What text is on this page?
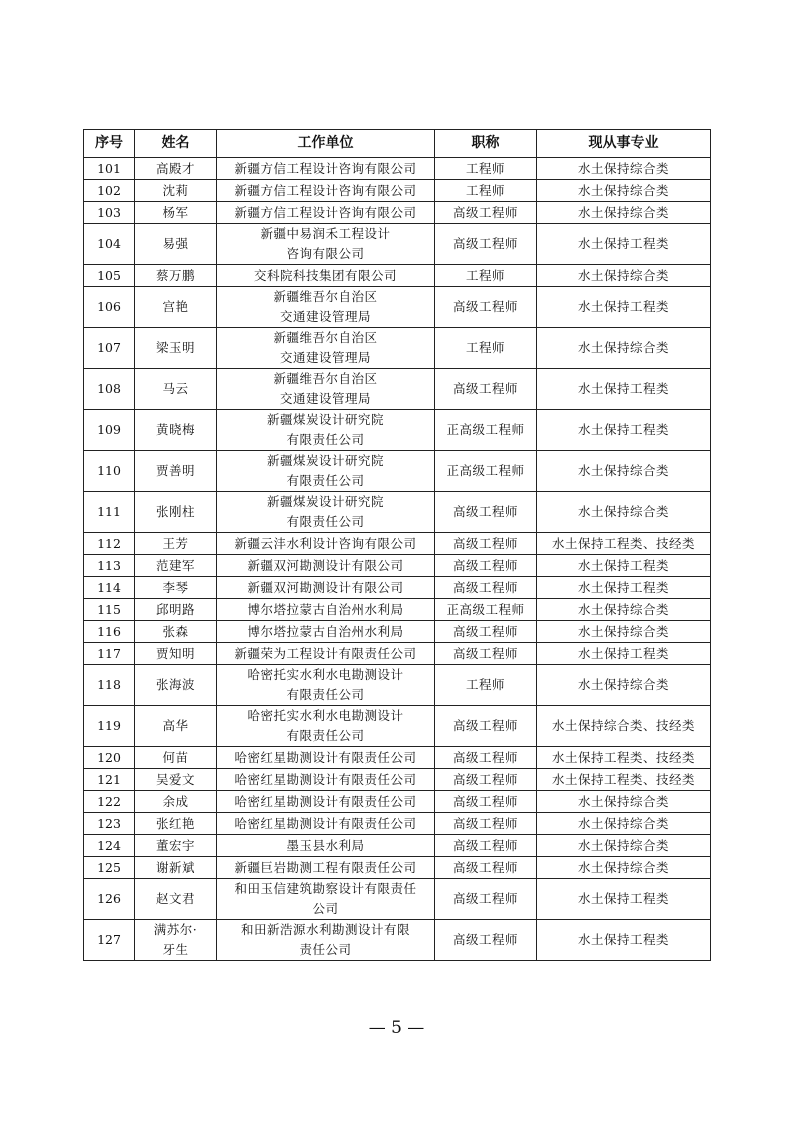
序号	姓名	工作单位	职称	现从事专业
101	高殿才	新疆方信工程设计咨询有限公司	工程师	水土保持综合类
102	沈莉	新疆方信工程设计咨询有限公司	工程师	水土保持综合类
103	杨军	新疆方信工程设计咨询有限公司	高级工程师	水土保持综合类
104	易强	新疆中易润禾工程设计
咨询有限公司	高级工程师	水土保持工程类
105	蔡万鹏	交科院科技集团有限公司	工程师	水土保持综合类
106	宫艳	新疆维吾尔自治区
交通建设管理局	高级工程师	水土保持工程类
107	梁玉明	新疆维吾尔自治区
交通建设管理局	工程师	水土保持综合类
108	马云	新疆维吾尔自治区
交通建设管理局	高级工程师	水土保持工程类
109	黄晓梅	新疆煤炭设计研究院
有限责任公司	正高级工程师	水土保持工程类
110	贾善明	新疆煤炭设计研究院
有限责任公司	正高级工程师	水土保持综合类
111	张刚柱	新疆煤炭设计研究院
有限责任公司	高级工程师	水土保持综合类
112	王芳	新疆云沣水利设计咨询有限公司	高级工程师	水土保持工程类、技经类
113	范建军	新疆双河勘测设计有限公司	高级工程师	水土保持工程类
114	李琴	新疆双河勘测设计有限公司	高级工程师	水土保持工程类
115	邱明路	博尔塔拉蒙古自治州水利局	正高级工程师	水土保持综合类
116	张森	博尔塔拉蒙古自治州水利局	高级工程师	水土保持综合类
117	贾知明	新疆荣为工程设计有限责任公司	高级工程师	水土保持工程类
118	张海波	哈密托实水利水电勘测设计
有限责任公司	工程师	水土保持综合类
119	高华	哈密托实水利水电勘测设计
有限责任公司	高级工程师	水土保持综合类、技经类
120	何苗	哈密红星勘测设计有限责任公司	高级工程师	水土保持工程类、技经类
121	吴爱文	哈密红星勘测设计有限责任公司	高级工程师	水土保持工程类、技经类
122	余成	哈密红星勘测设计有限责任公司	高级工程师	水土保持综合类
123	张红艳	哈密红星勘测设计有限责任公司	高级工程师	水土保持综合类
124	董宏宇	墨玉县水利局	高级工程师	水土保持综合类
125	谢新斌	新疆巨岩勘测工程有限责任公司	高级工程师	水土保持综合类
126	赵文君	和田玉信建筑勘察设计有限责任
公司	高级工程师	水土保持工程类
127	满苏尔·
牙生	和田新浩源水利勘测设计有限
责任公司	高级工程师	水土保持工程类
— 5 —
